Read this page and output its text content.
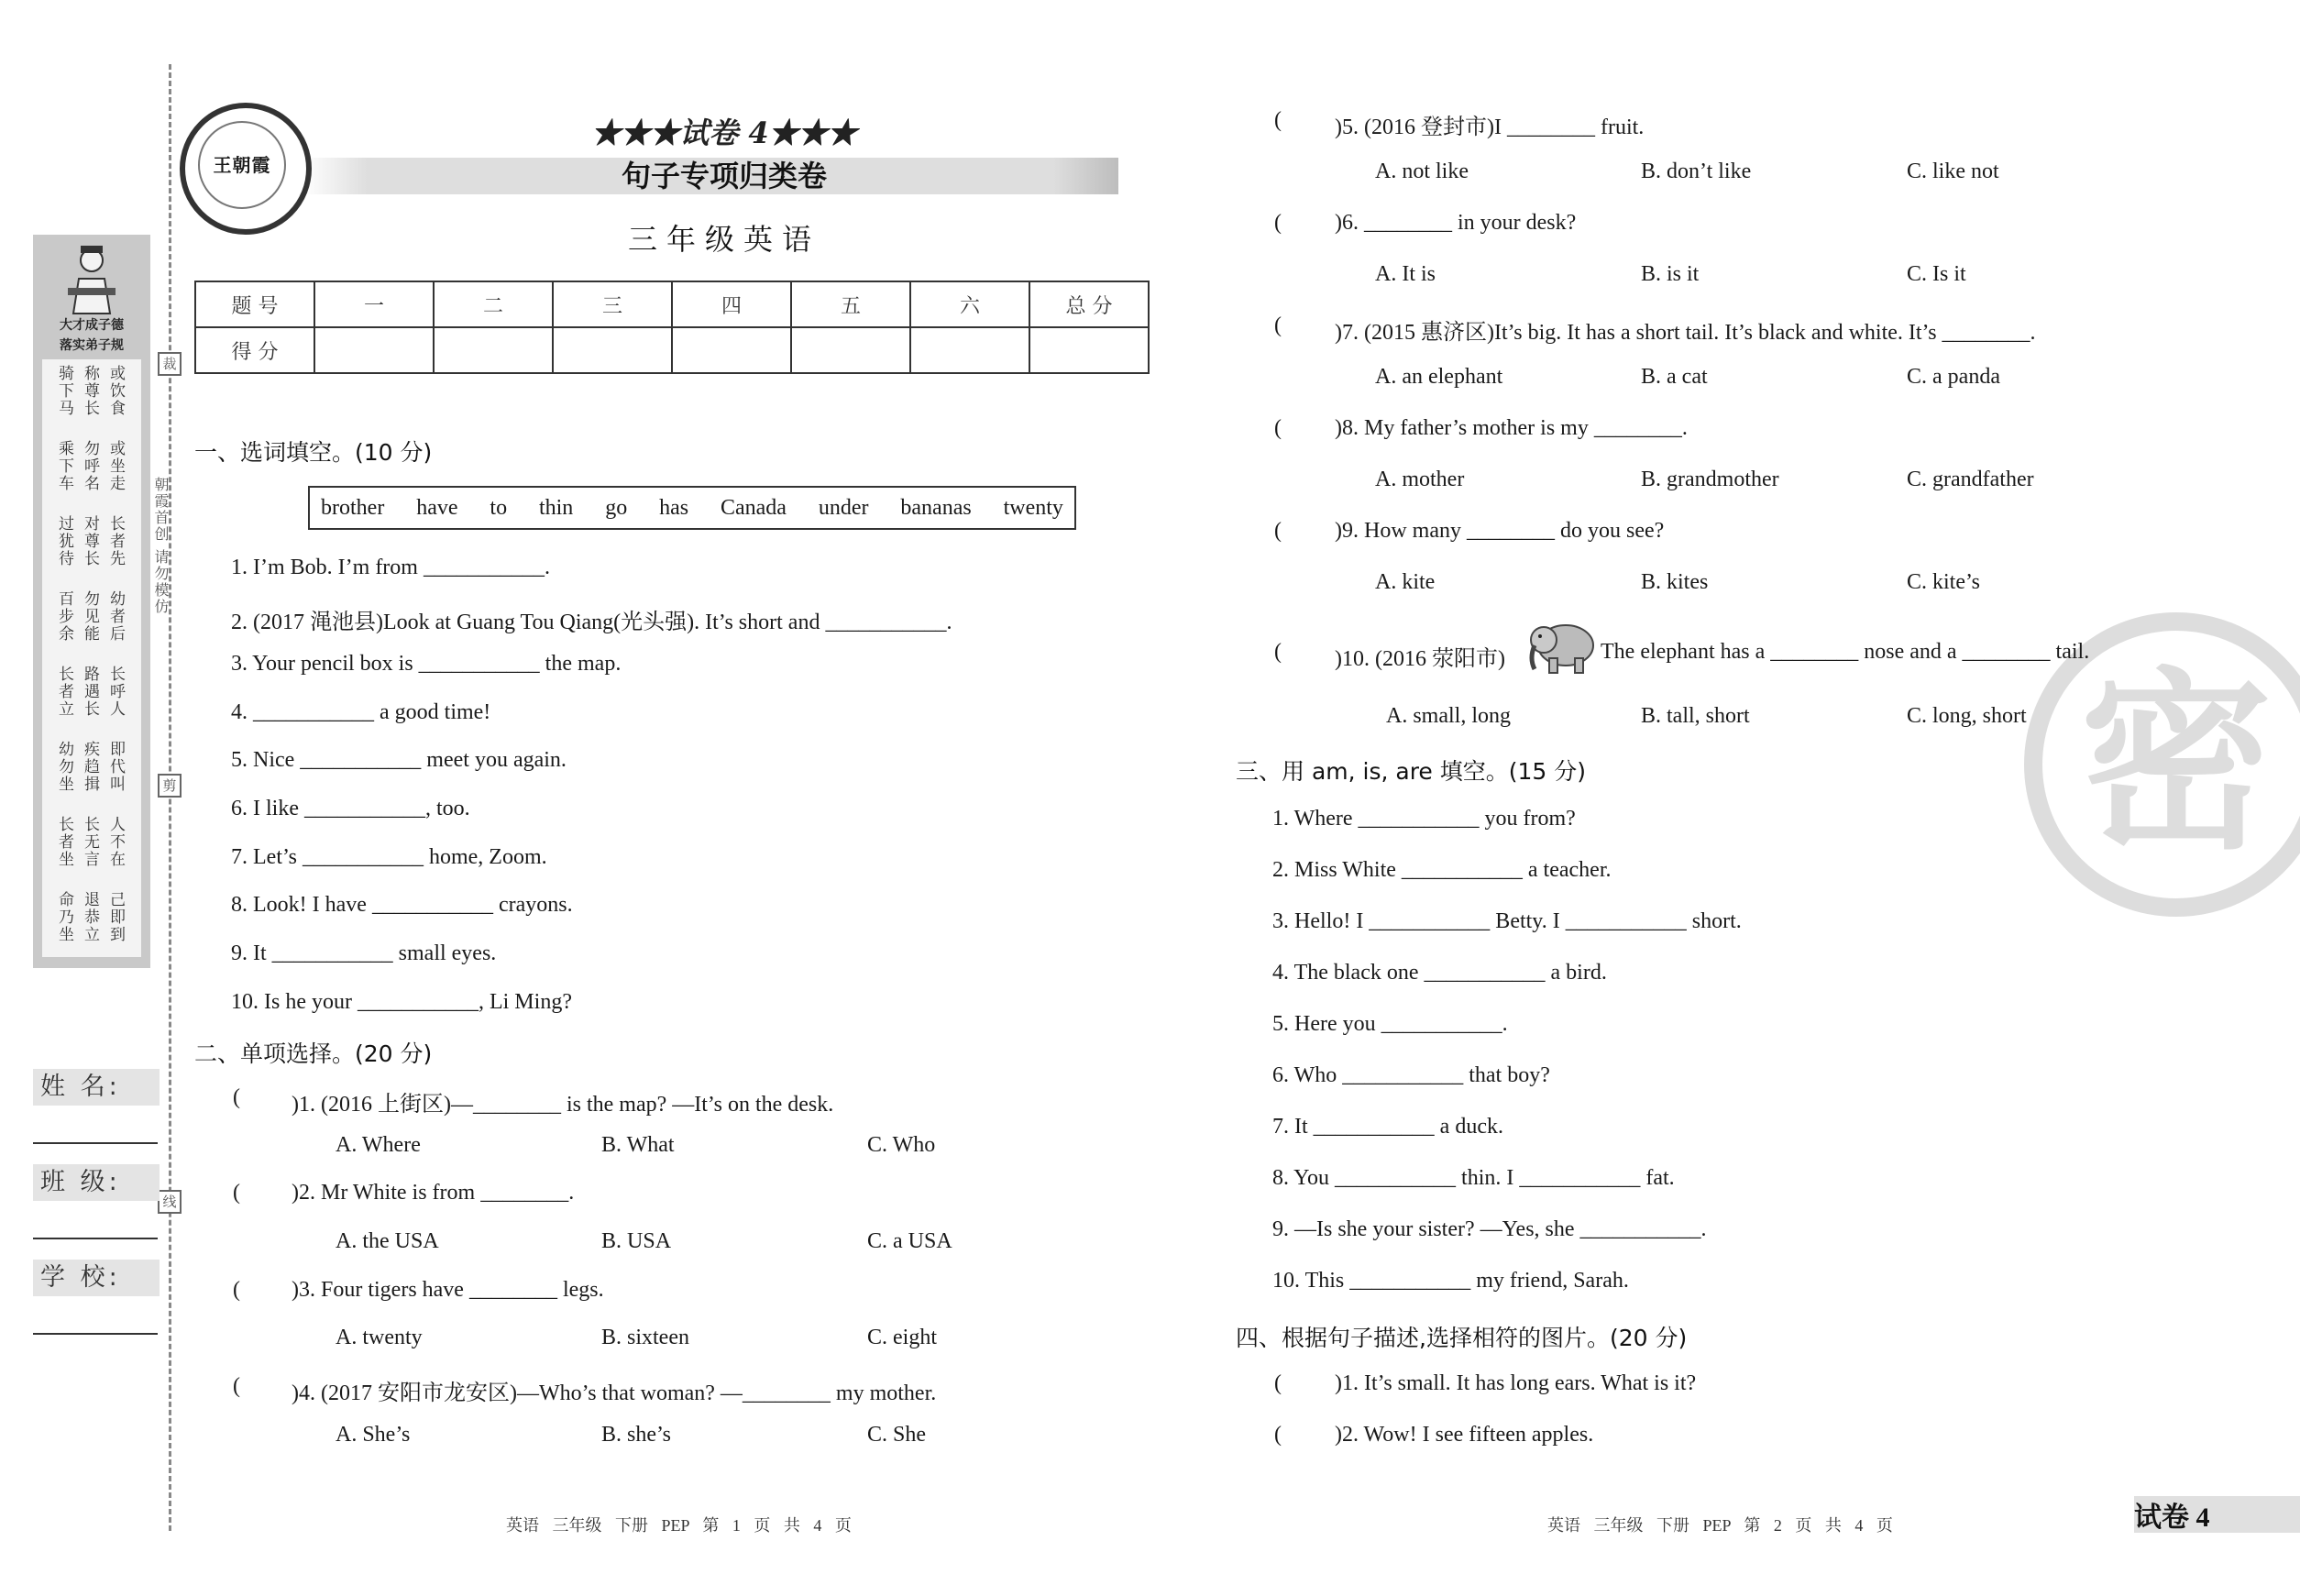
裁
朝霞首创 请勿模仿
剪
线
大才成子德
落实弟子规
或饮食
称尊长
骑下马
或坐走
勿呼名
乘下车
长者先
对尊长
过犹待
幼者后
勿见能
百步余
长呼人
路遇长
长者立
即代叫
疾趋揖
幼勿坐
人不在
长无言
长者坐
己即到
退恭立
命乃坐
姓 名:
班 级:
学 校:
王朝霞
★★★试卷 4★★★
句子专项归类卷
三年级英语
题 号	一	二	三	四	五	六	总 分
得 分							
一、选词填空。(10 分)
brother have to thin go has Canada under bananas twenty
1. I’m Bob. I’m from ___________.
2. (2017 渑池县)Look at Guang Tou Qiang(光头强). It’s short and ___________.
3. Your pencil box is ___________ the map.
4. ___________ a good time!
5. Nice ___________ meet you again.
6. I like ___________, too.
7. Let’s ___________ home, Zoom.
8. Look! I have ___________ crayons.
9. It ___________ small eyes.
10. Is he your ___________, Li Ming?
二、单项选择。(20 分)
( )1. (2016 上街区)—________ is the map? —It’s on the desk.
A. Where	B. What	C. Who
( )2. Mr White is from ________.
A. the USA	B. USA	C. a USA
( )3. Four tigers have ________ legs.
A. twenty	B. sixteen	C. eight
( )4. (2017 安阳市龙安区)—Who’s that woman? —________ my mother.
A. She’s	B. she’s	C. She
英语 三年级 下册 PEP 第 1 页 共 4 页
密
( )5. (2016 登封市)I ________ fruit.
A. not like	B. don’t like	C. like not
( )6. ________ in your desk?
A. It is	B. is it	C. Is it
( )7. (2015 惠济区)It’s big. It has a short tail. It’s black and white. It’s ________.
A. an elephant	B. a cat	C. a panda
( )8. My father’s mother is my ________.
A. mother	B. grandmother	C. grandfather
( )9. How many ________ do you see?
A. kite	B. kites	C. kite’s
( )10. (2016 荥阳市)	The elephant has a ________ nose and a ________ tail.
A. small, long	B. tall, short	C. long, short
三、用 am, is, are 填空。(15 分)
1. Where ___________ you from?
2. Miss White ___________ a teacher.
3. Hello! I ___________ Betty. I ___________ short.
4. The black one ___________ a bird.
5. Here you ___________.
6. Who ___________ that boy?
7. It ___________ a duck.
8. You ___________ thin. I ___________ fat.
9. —Is she your sister? —Yes, she ___________.
10. This ___________ my friend, Sarah.
四、根据句子描述,选择相符的图片。(20 分)
( )1. It’s small. It has long ears. What is it?
( )2. Wow! I see fifteen apples.
英语 三年级 下册 PEP 第 2 页 共 4 页	试卷 4
